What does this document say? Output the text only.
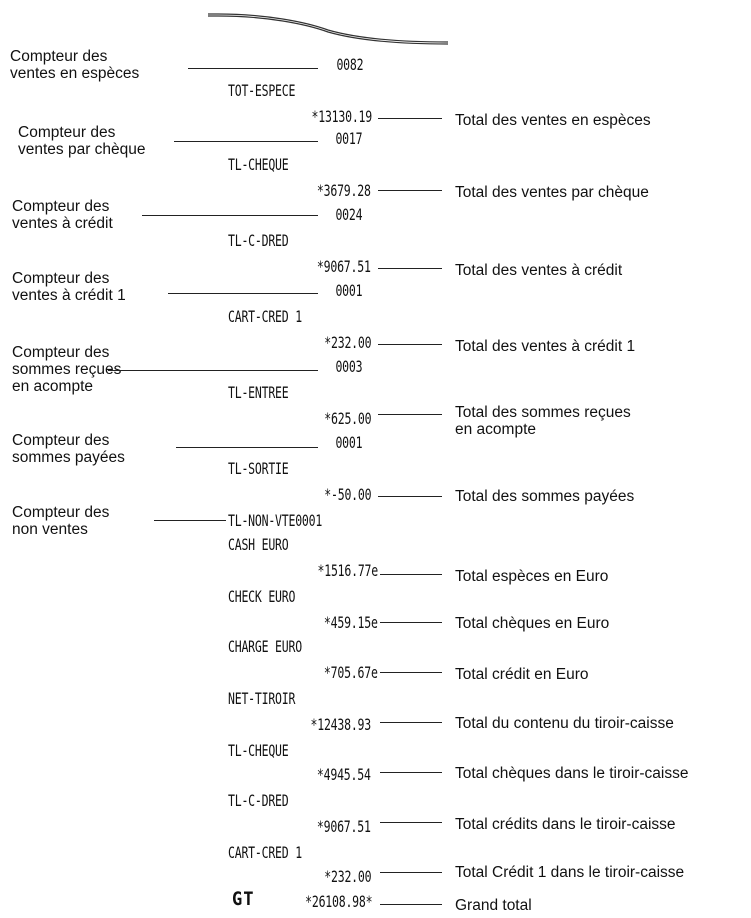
0082
TOT-ESPECE
*13130.19
0017
TL-CHEQUE
*3679.28
0024
TL-C-DRED
*9067.51
0001
CART-CRED 1
*232.00
0003
TL-ENTREE
*625.00
0001
TL-SORTIE
*-50.00
TL-NON-VTE0001
CASH EURO
*1516.77e
CHECK EURO
*459.15e
CHARGE EURO
*705.67e
NET-TIROIR
*12438.93
TL-CHEQUE
*4945.54
TL-C-DRED
*9067.51
CART-CRED 1
*232.00
GT	*26108.98*
Compteur des
ventes en espèces
Compteur des
ventes par chèque
Compteur des
ventes à crédit
Compteur des
ventes à crédit 1
Compteur des
sommes reçues
en acompte
Compteur des
sommes payées
Compteur des
non ventes
Total des ventes en espèces
Total des ventes par chèque
Total des ventes à crédit
Total des ventes à crédit 1
Total des sommes reçues
en acompte
Total des sommes payées
Total espèces en Euro
Total chèques en Euro
Total crédit en Euro
Total du contenu du tiroir-caisse
Total chèques dans le tiroir-caisse
Total crédits dans le tiroir-caisse
Total Crédit 1 dans le tiroir-caisse
Grand total
